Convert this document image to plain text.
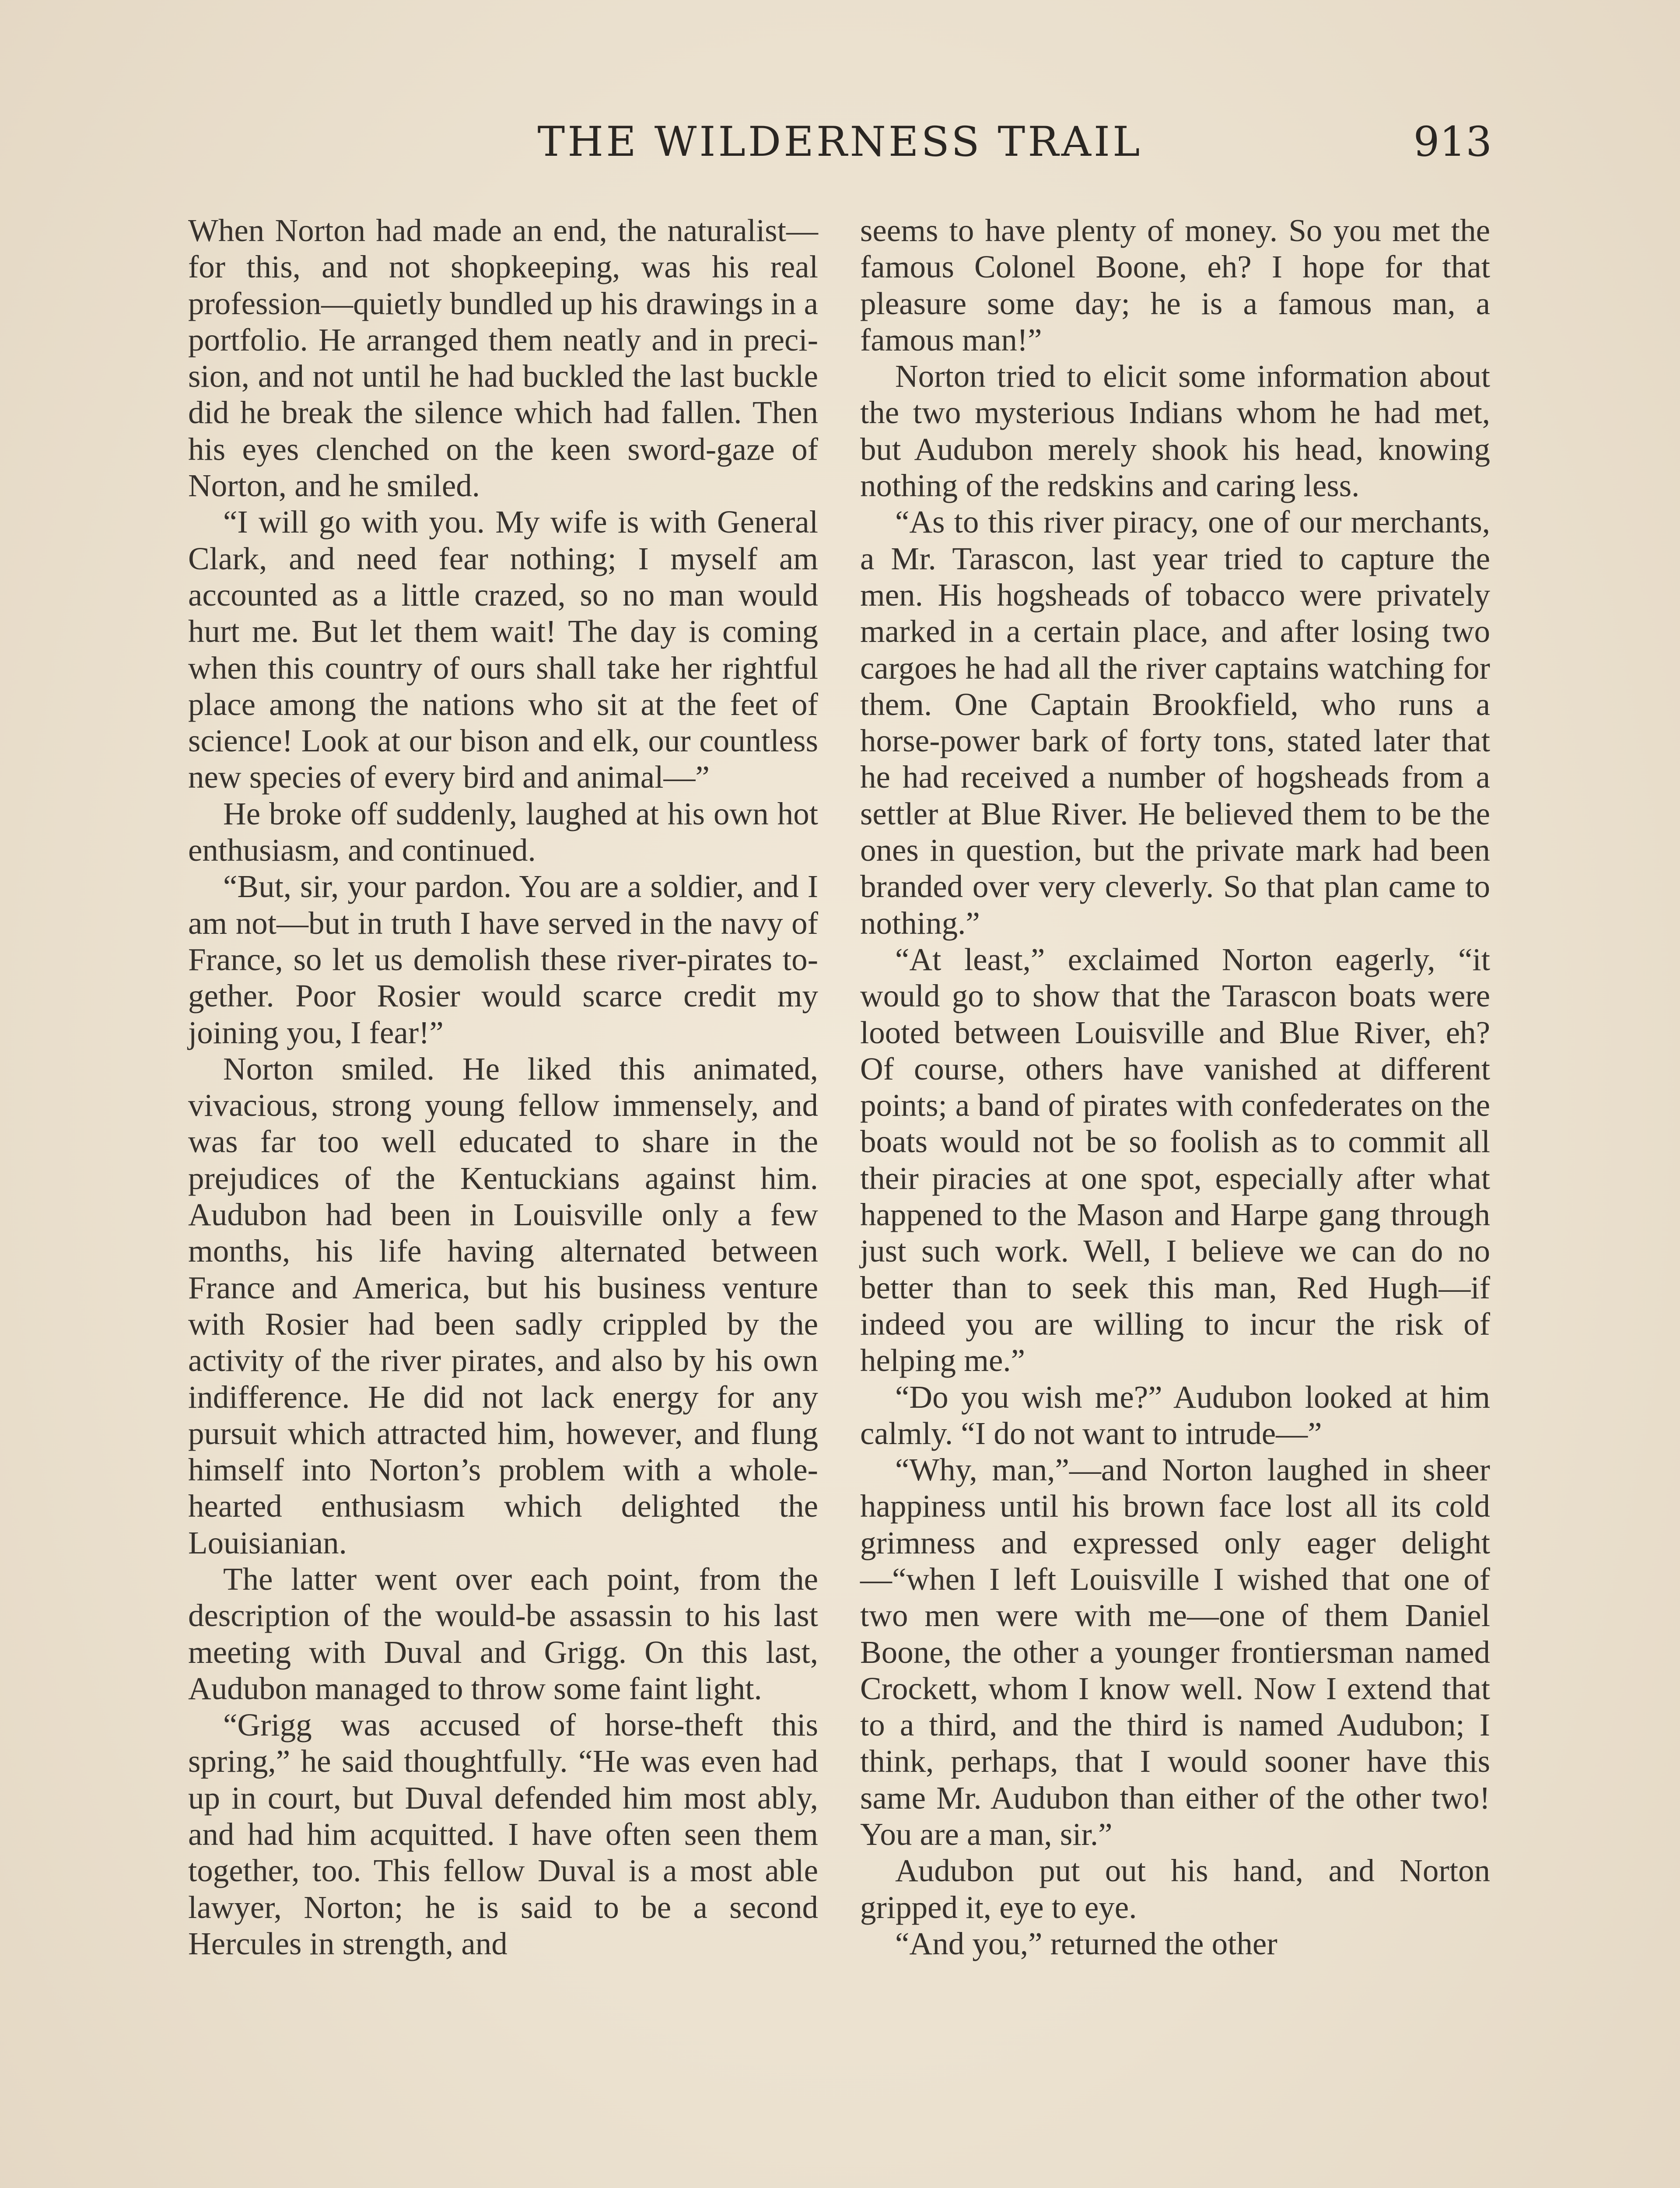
THE WILDERNESS TRAIL	913

When Norton had made an end, the naturalist—for this, and not shopkeeping, was his real profession—quietly bundled up his drawings in a portfolio. He arranged them neatly and in precision, and not until he had buckled the last buckle did he break the silence which had fallen. Then his eyes clenched on the keen sword-gaze of Norton, and he smiled.

“I will go with you. My wife is with General Clark, and need fear nothing; I myself am accounted as a little crazed, so no man would hurt me. But let them wait! The day is coming when this country of ours shall take her rightful place among the nations who sit at the feet of science! Look at our bison and elk, our countless new species of every bird and animal—”

He broke off suddenly, laughed at his own hot enthusiasm, and continued.

“But, sir, your pardon. You are a soldier, and I am not—but in truth I have served in the navy of France, so let us demolish these river-pirates together. Poor Rosier would scarce credit my joining you, I fear!”

Norton smiled. He liked this animated, vivacious, strong young fellow immensely, and was far too well educated to share in the prejudices of the Kentuckians against him. Audubon had been in Louisville only a few months, his life having alternated between France and America, but his business venture with Rosier had been sadly crippled by the activity of the river pirates, and also by his own indifference. He did not lack energy for any pursuit which attracted him, however, and flung himself into Norton’s problem with a whole-hearted enthusiasm which delighted the Louisianian.

The latter went over each point, from the description of the would-be assassin to his last meeting with Duval and Grigg. On this last, Audubon managed to throw some faint light.

“Grigg was accused of horse-theft this spring,” he said thoughtfully. “He was even had up in court, but Duval defended him most ably, and had him acquitted. I have often seen them together, too. This fellow Duval is a most able lawyer, Norton; he is said to be a second Hercules in strength, and

seems to have plenty of money. So you met the famous Colonel Boone, eh? I hope for that pleasure some day; he is a famous man, a famous man!”

Norton tried to elicit some information about the two mysterious Indians whom he had met, but Audubon merely shook his head, knowing nothing of the redskins and caring less.

“As to this river piracy, one of our merchants, a Mr. Tarascon, last year tried to capture the men. His hogsheads of tobacco were privately marked in a certain place, and after losing two cargoes he had all the river captains watching for them. One Captain Brookfield, who runs a horse-power bark of forty tons, stated later that he had received a number of hogsheads from a settler at Blue River. He believed them to be the ones in question, but the private mark had been branded over very cleverly. So that plan came to nothing.”

“At least,” exclaimed Norton eagerly, “it would go to show that the Tarascon boats were looted between Louisville and Blue River, eh? Of course, others have vanished at different points; a band of pirates with confederates on the boats would not be so foolish as to commit all their piracies at one spot, especially after what happened to the Mason and Harpe gang through just such work. Well, I believe we can do no better than to seek this man, Red Hugh—if indeed you are willing to incur the risk of helping me.”

“Do you wish me?” Audubon looked at him calmly. “I do not want to intrude—”

“Why, man,”—and Norton laughed in sheer happiness until his brown face lost all its cold grimness and expressed only eager delight—“when I left Louisville I wished that one of two men were with me—one of them Daniel Boone, the other a younger frontiersman named Crockett, whom I know well. Now I extend that to a third, and the third is named Audubon; I think, perhaps, that I would sooner have this same Mr. Audubon than either of the other two! You are a man, sir.”

Audubon put out his hand, and Norton gripped it, eye to eye.

“And you,” returned the other
